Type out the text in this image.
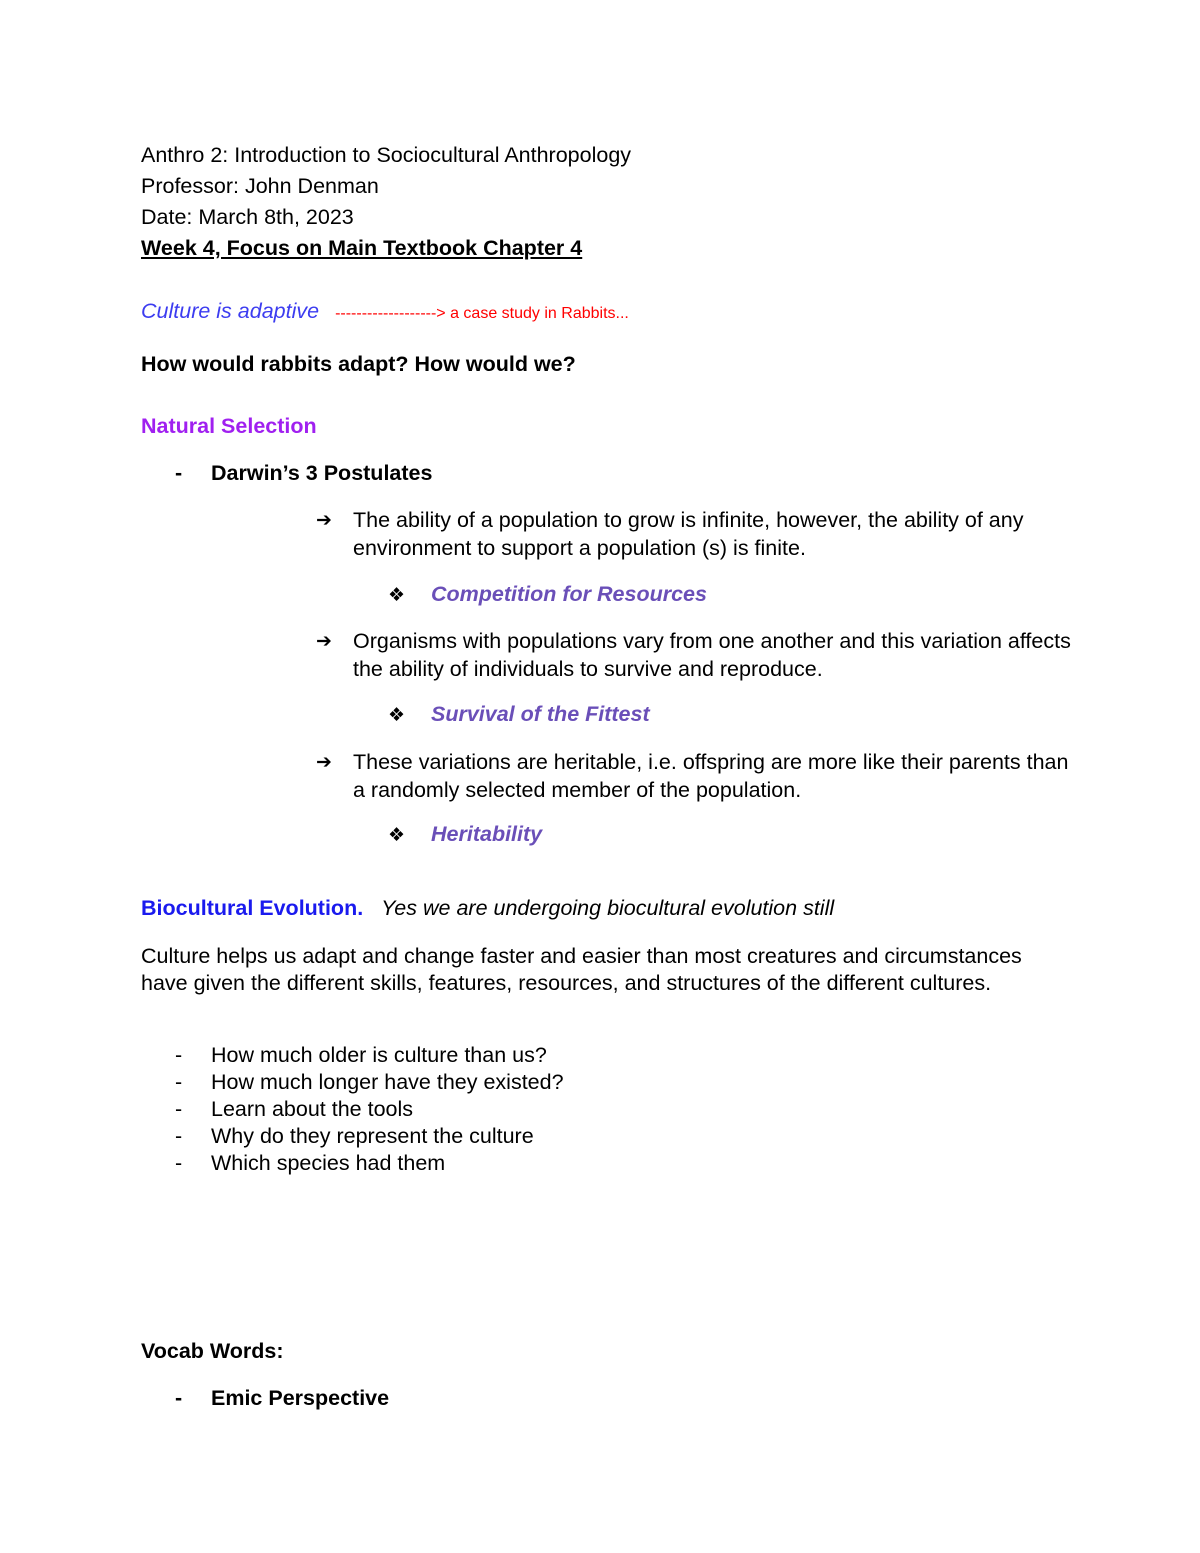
Anthro 2: Introduction to Sociocultural Anthropology
Professor: John Denman
Date: March 8th, 2023
Week 4, Focus on Main Textbook Chapter 4
Culture is adaptive -------------------> a case study in Rabbits...
How would rabbits adapt? How would we?
Natural Selection
- Darwin’s 3 Postulates
➔ The ability of a population to grow is infinite, however, the ability of any environment to support a population (s) is finite.
❖ Competition for Resources
➔ Organisms with populations vary from one another and this variation affects the ability of individuals to survive and reproduce.
❖ Survival of the Fittest
➔ These variations are heritable, i.e. offspring are more like their parents than a randomly selected member of the population.
❖ Heritability
Biocultural Evolution. Yes we are undergoing biocultural evolution still
Culture helps us adapt and change faster and easier than most creatures and circumstances have given the different skills, features, resources, and structures of the different cultures.
- How much older is culture than us?
- How much longer have they existed?
- Learn about the tools
- Why do they represent the culture
- Which species had them
Vocab Words:
- Emic Perspective
